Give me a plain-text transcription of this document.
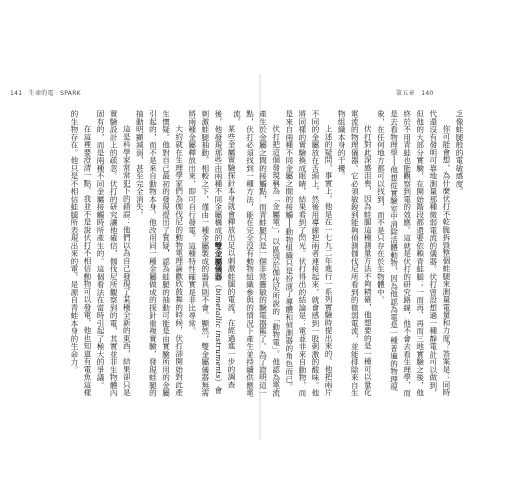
141　生命的電　SPARK	第五章　140

乏像蛙腿般的電敏感度。

你可能會想，為什麼伏打不乾脆拆毀整個蛙腿來測量電量和力度？答案是：同時代還沒有發明可靠地測量那種微弱電流的儀器。伏打曾設想過一種靜電計可以做到，但他的大部分實驗，在開始階段都還要依賴青蛙腿；一而再、再而三地實驗之後，他終於不用青蛙也能觀察到電的效應。這就是伏打的研究路線，他不會去看生理學，而是去看物理學──他想從實驗室中消除活體動物，因為他認為電是一種普遍的物理現象，在任何地方都可以找到，而不是只存在於生物體中。

伏打對此深感沮喪，因為蛙腿這種測量方法不夠精確，他想要的是一種可以量化電流的物理儀器。它必須敏銳到能夠偵測伽伐尼所看到的微弱電流，並能排除來自生物組織本身的干擾。

上述的疑問，事實上，他是在一七九二年進行一系列實驗時提出來的。他把兩片不同的金屬放在舌頭上，然後用導線把兩者連接起來，就會感到一股刺激的酸味。他將同樣的實驗換成眼睛，結果看到了閃光。伏打得出的結論是：電並非來自動物，而是來自兩種不同金屬之間的接觸──動物組織只是扮演了導體和偵測器的角色而已。

伏打把這個發現稱為「金屬電」，以區別於伽伐尼所說的「動物電」。他認為電流產生於金屬之間的接觸點，而青蛙腿只是一個非常靈敏的驗電器罷了。為了證明這一點，伏打必須找到一種方法，能在完全沒有動物組織參與的情況下產生並持續供應電流。

某些金屬實驗探針本身就會釋放出足以刺激蛙腿的電流，在經過進一步的調查後，他發現那些由兩種不同金屬構成的雙金屬儀器（bimetallic instruments）會刺激蛙腿抽動。相較之下，僅由一種金屬製成的器具則不會。顯然，雙金屬儀器無需將兩種金屬釋放出來，即可自行發電。這種特性確實是非比尋常。

大約就在生理學家們為伽伐尼的動物電理論歡欣鼓舞的時候，伏打卻開始對此產生懷疑。他對自己最初的發現提出了質疑，認為蛙腿的抽動可能是由實驗所用的金屬引起的，而不是來自動物本身。他改用同一種金屬做成的探針重複實驗，發現蛙腿的抽動明顯減弱，甚至完全消失。

這是科學家常常犯下的錯誤：他們以為自己發現了某種全新的東西，結果卻只是實驗設計上的疏忽。伏打的研究讓他確信，伽伐尼所觀察到的電，其實並非生物體內固有的，而是兩種不同金屬接觸時所產生的。這個看法在當時引起了極大的爭議。

在這裡要澄清一點，我並不是說伏打不相信動物可以發電，他也知道有電魚這樣的生物存在。他只是不相信蛙腿所表現出來的電，是源自青蛙本身的生命力。
